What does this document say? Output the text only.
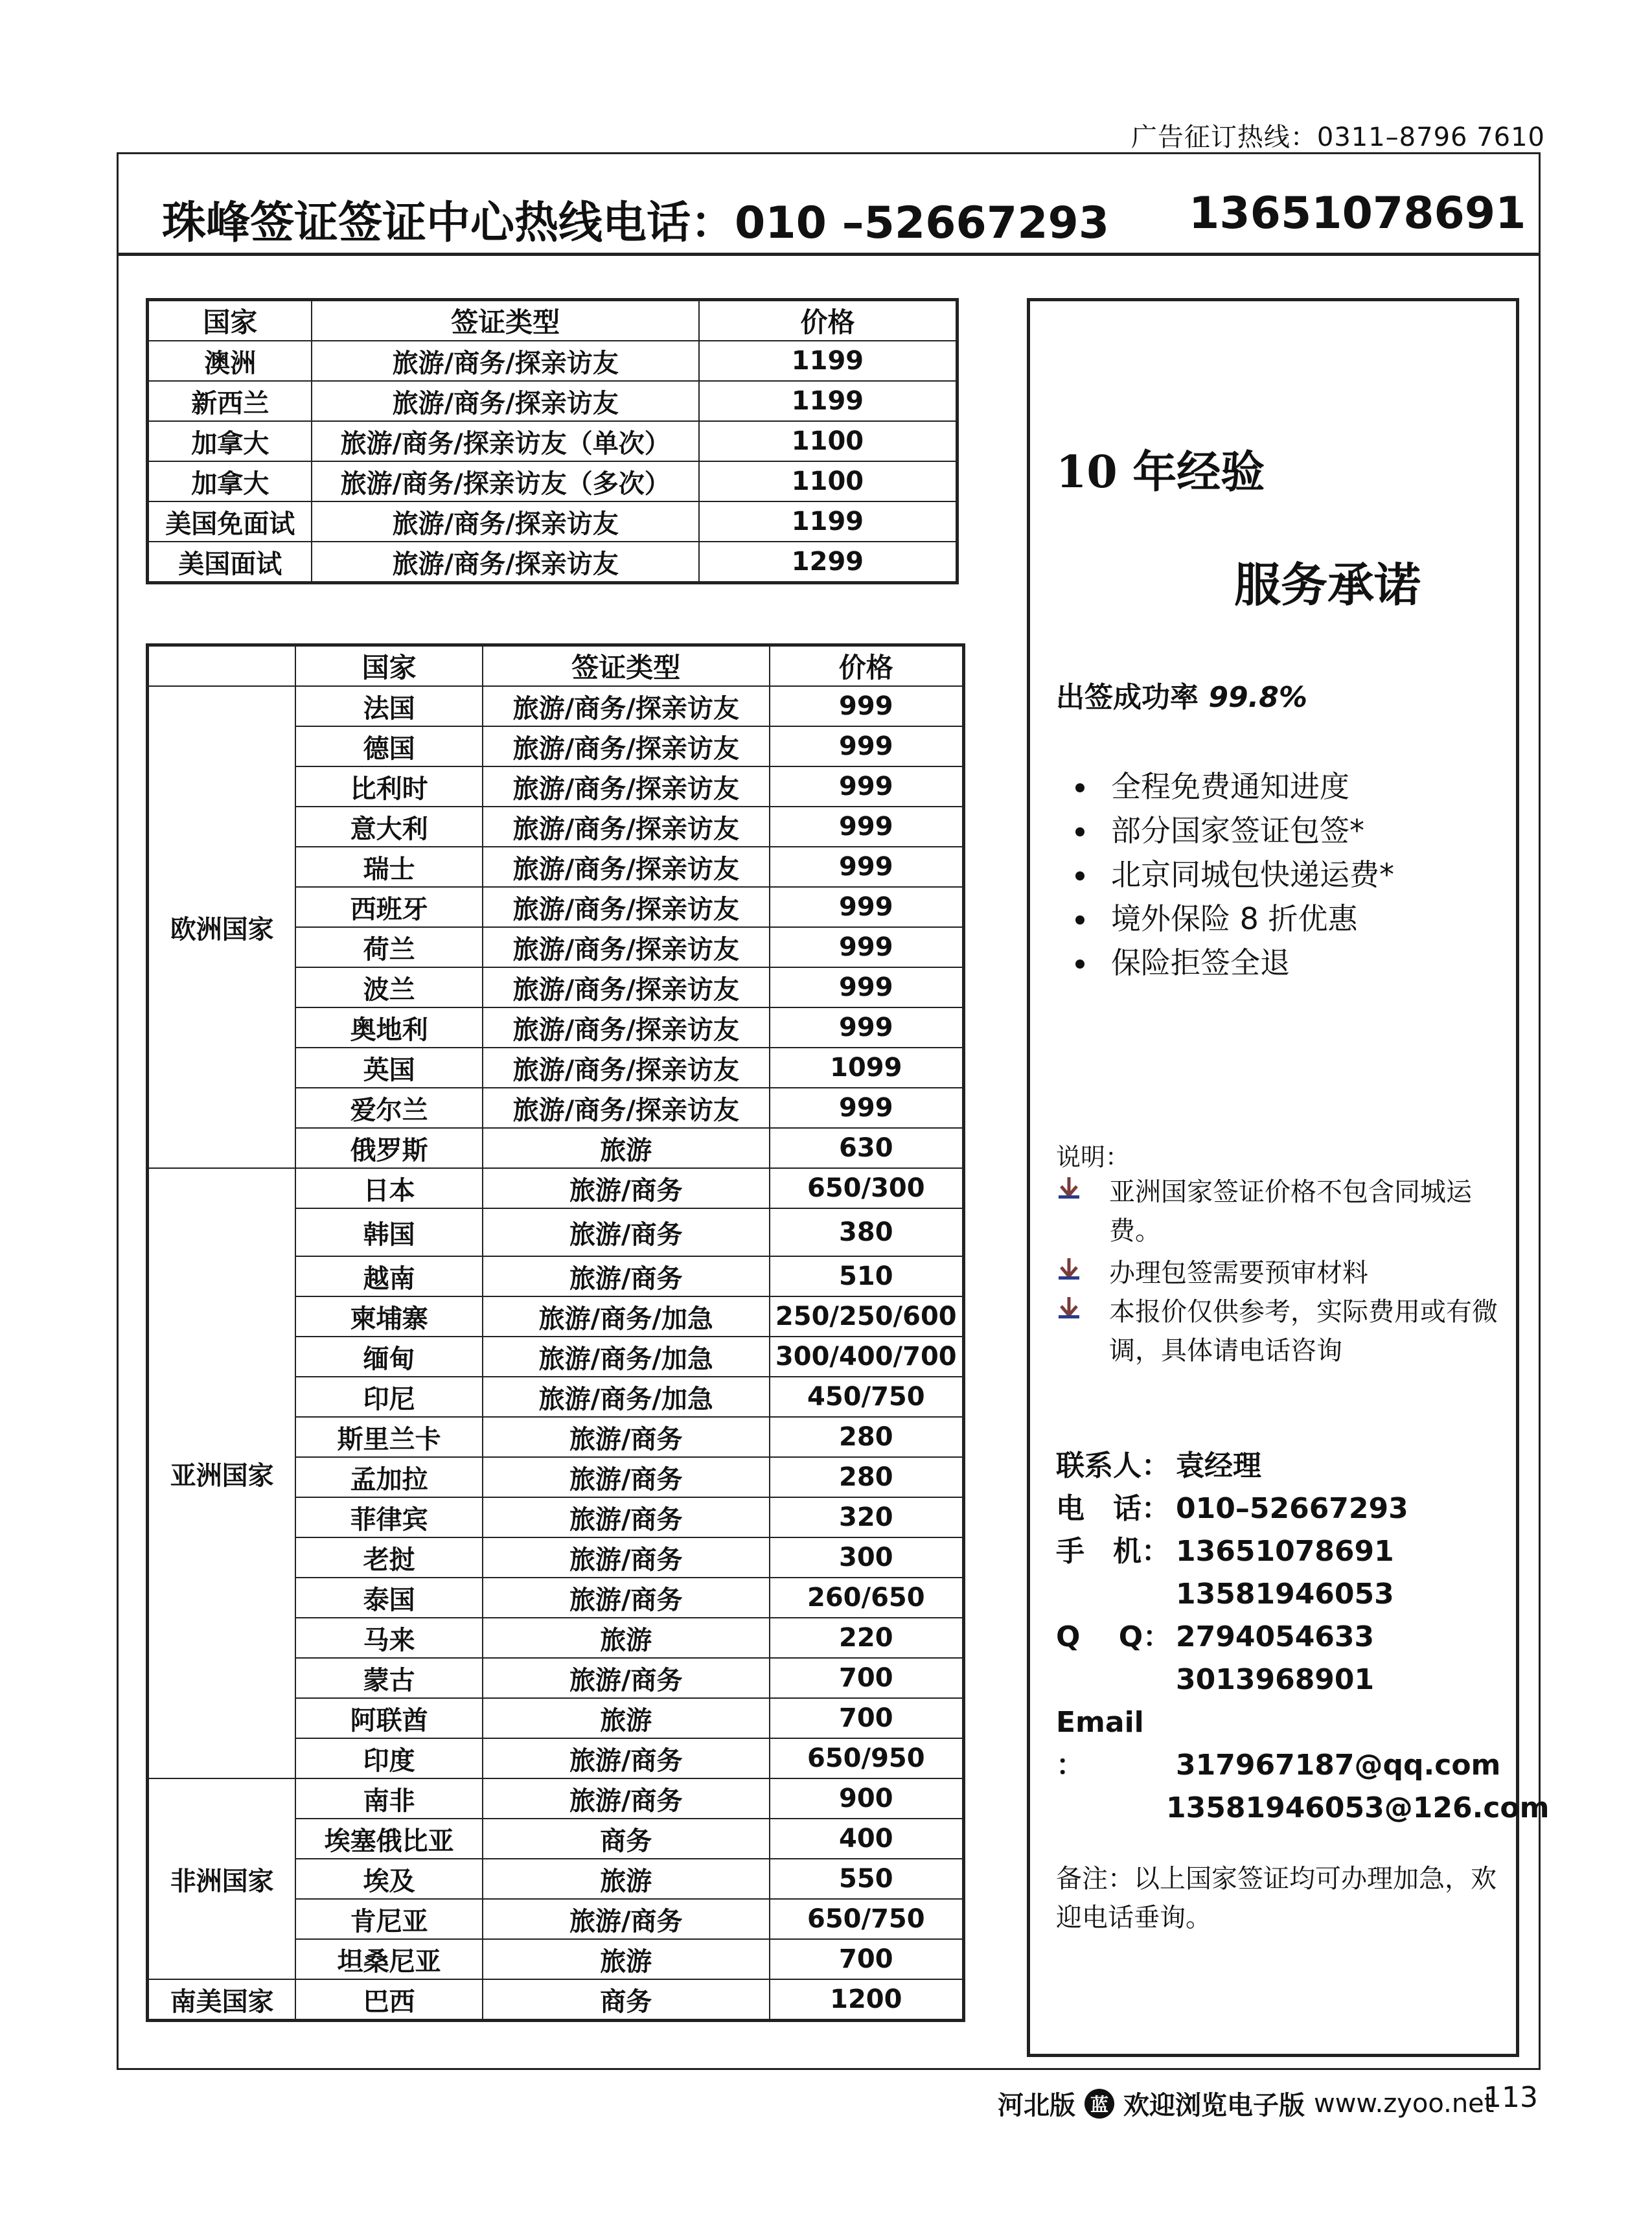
广告征订热线：0311–8796 7610
珠峰签证签证中心热线电话：010 –52667293 13651078691
国家	签证类型	价格
澳洲	旅游/商务/探亲访友	1199
新西兰	旅游/商务/探亲访友	1199
加拿大	旅游/商务/探亲访友（单次）	1100
加拿大	旅游/商务/探亲访友（多次）	1100
美国免面试	旅游/商务/探亲访友	1199
美国面试	旅游/商务/探亲访友	1299
	国家	签证类型	价格
欧洲国家	法国	旅游/商务/探亲访友	999
	德国	旅游/商务/探亲访友	999
	比利时	旅游/商务/探亲访友	999
	意大利	旅游/商务/探亲访友	999
	瑞士	旅游/商务/探亲访友	999
	西班牙	旅游/商务/探亲访友	999
	荷兰	旅游/商务/探亲访友	999
	波兰	旅游/商务/探亲访友	999
	奥地利	旅游/商务/探亲访友	999
	英国	旅游/商务/探亲访友	1099
	爱尔兰	旅游/商务/探亲访友	999
	俄罗斯	旅游	630
亚洲国家	日本	旅游/商务	650/300
	韩国	旅游/商务	380
	越南	旅游/商务	510
	柬埔寨	旅游/商务/加急	250/250/600
	缅甸	旅游/商务/加急	300/400/700
	印尼	旅游/商务/加急	450/750
	斯里兰卡	旅游/商务	280
	孟加拉	旅游/商务	280
	菲律宾	旅游/商务	320
	老挝	旅游/商务	300
	泰国	旅游/商务	260/650
	马来	旅游	220
	蒙古	旅游/商务	700
	阿联酋	旅游	700
	印度	旅游/商务	650/950
非洲国家	南非	旅游/商务	900
	埃塞俄比亚	商务	400
	埃及	旅游	550
	肯尼亚	旅游/商务	650/750
	坦桑尼亚	旅游	700
南美国家	巴西	商务	1200
10 年经验
服务承诺
出签成功率 99.8%
• 全程免费通知进度
• 部分国家签证包签*
• 北京同城包快递运费*
• 境外保险 8 折优惠
• 保险拒签全退
说明：
亚洲国家签证价格不包含同城运费。
办理包签需要预审材料
本报价仅供参考，实际费用或有微调，具体请电话咨询
联系人： 袁经理
电　话： 010–52667293
手　机： 13651078691
13581946053
Q　 Q： 2794054633
3013968901
Email ：	317967187@qq.com
13581946053@126.com
备注：以上国家签证均可办理加急，欢迎电话垂询。
河北版 蓝 欢迎浏览电子版 www.zyoo.net
113
